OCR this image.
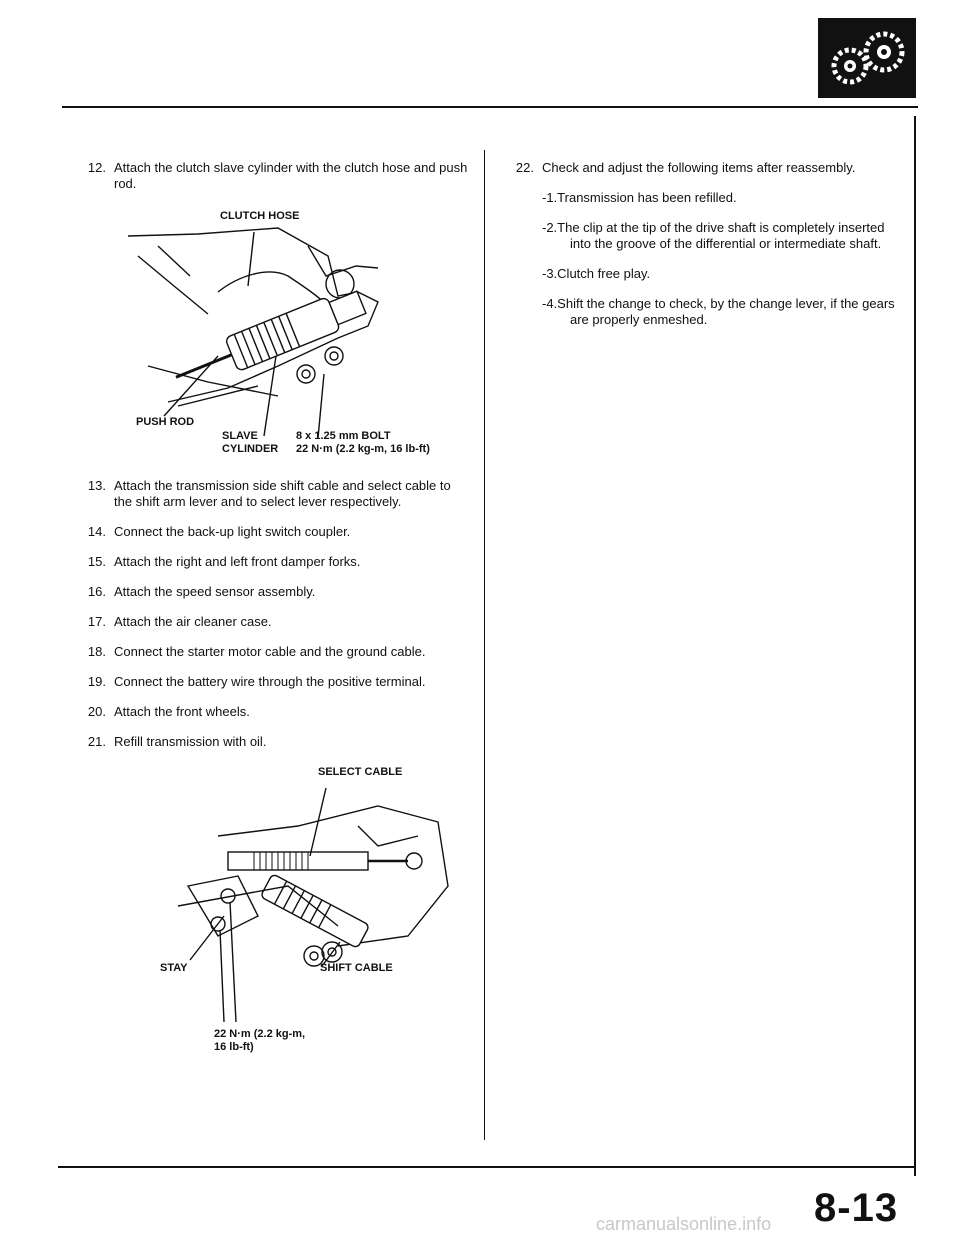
12. Attach the clutch slave cylinder with the clutch hose and push rod.
CLUTCH HOSE
PUSH ROD
SLAVE
CYLINDER
8 x 1.25 mm BOLT
22 N·m (2.2 kg-m, 16 lb-ft)
13. Attach the transmission side shift cable and select cable to the shift arm lever and to select lever respectively.
14. Connect the back-up light switch coupler.
15. Attach the right and left front damper forks.
16. Attach the speed sensor assembly.
17. Attach the air cleaner case.
18. Connect the starter motor cable and the ground cable.
19. Connect the battery wire through the positive terminal.
20. Attach the front wheels.
21. Refill transmission with oil.
SELECT CABLE
STAY	SHIFT CABLE
22 N·m (2.2 kg-m,
16 lb-ft)
22. Check and adjust the following items after reassembly.
-1.Transmission has been refilled.
-2.The clip at the tip of the drive shaft is completely inserted into the groove of the differential or intermediate shaft.
-3.Clutch free play.
-4.Shift the change to check, by the change lever, if the gears are properly enmeshed.
8-13
carmanualsonline.info
